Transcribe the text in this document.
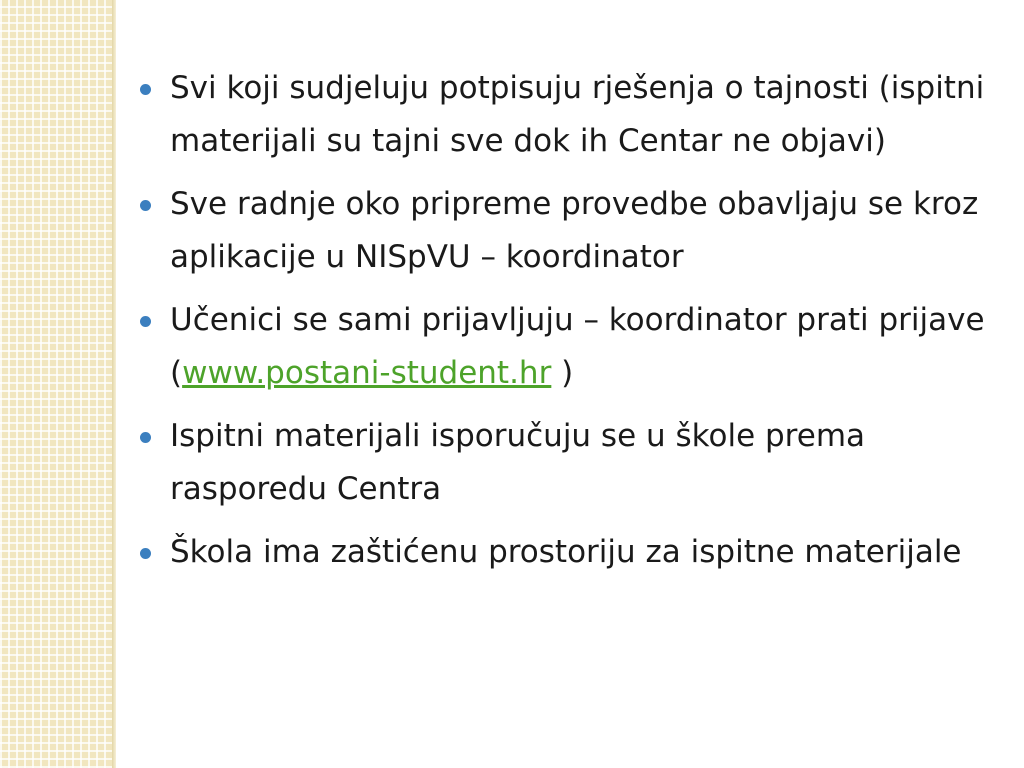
Svi koji sudjeluju potpisuju rješenja o tajnosti (ispitni materijali su tajni sve dok ih Centar ne objavi)
Sve radnje oko pripreme provedbe obavljaju se kroz aplikacije u NISpVU – koordinator
Učenici se sami prijavljuju – koordinator prati prijave (www.postani-student.hr )
Ispitni materijali isporučuju se u škole prema rasporedu Centra
Škola ima zaštićenu prostoriju za ispitne materijale
